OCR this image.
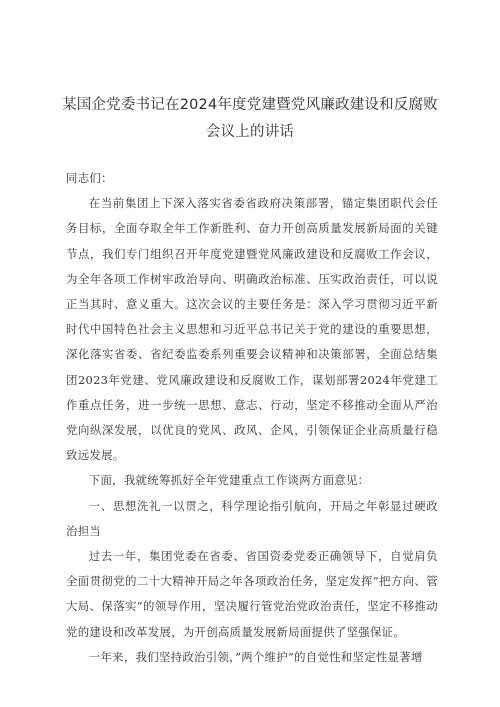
某国企党委书记在2024年度党建暨党风廉政建设和反腐败会议上的讲话

同志们：

在当前集团上下深入落实省委省政府决策部署，锚定集团职代会任务目标，全面夺取全年工作新胜利、奋力开创高质量发展新局面的关键节点，我们专门组织召开年度党建暨党风廉政建设和反腐败工作会议，为全年各项工作树牢政治导向、明确政治标准、压实政治责任，可以说正当其时、意义重大。这次会议的主要任务是：深入学习贯彻习近平新时代中国特色社会主义思想和习近平总书记关于党的建设的重要思想，深化落实省委、省纪委监委系列重要会议精神和决策部署，全面总结集团2023年党建、党风廉政建设和反腐败工作，谋划部署2024年党建工作重点任务，进一步统一思想、意志、行动，坚定不移推动全面从严治党向纵深发展，以优良的党风、政风、企风，引领保证企业高质量行稳致远发展。

下面，我就统筹抓好全年党建重点工作谈两方面意见：

一、思想洗礼一以贯之，科学理论指引航向，开局之年彰显过硬政治担当

过去一年，集团党委在省委、省国资委党委正确领导下，自觉肩负全面贯彻党的二十大精神开局之年各项政治任务，坚定发挥”把方向、管大局、保落实”的领导作用，坚决履行管党治党政治责任，坚定不移推动党的建设和改革发展，为开创高质量发展新局面提供了坚强保证。

一年来，我们坚持政治引领，”两个维护”的自觉性和坚定性显著增
